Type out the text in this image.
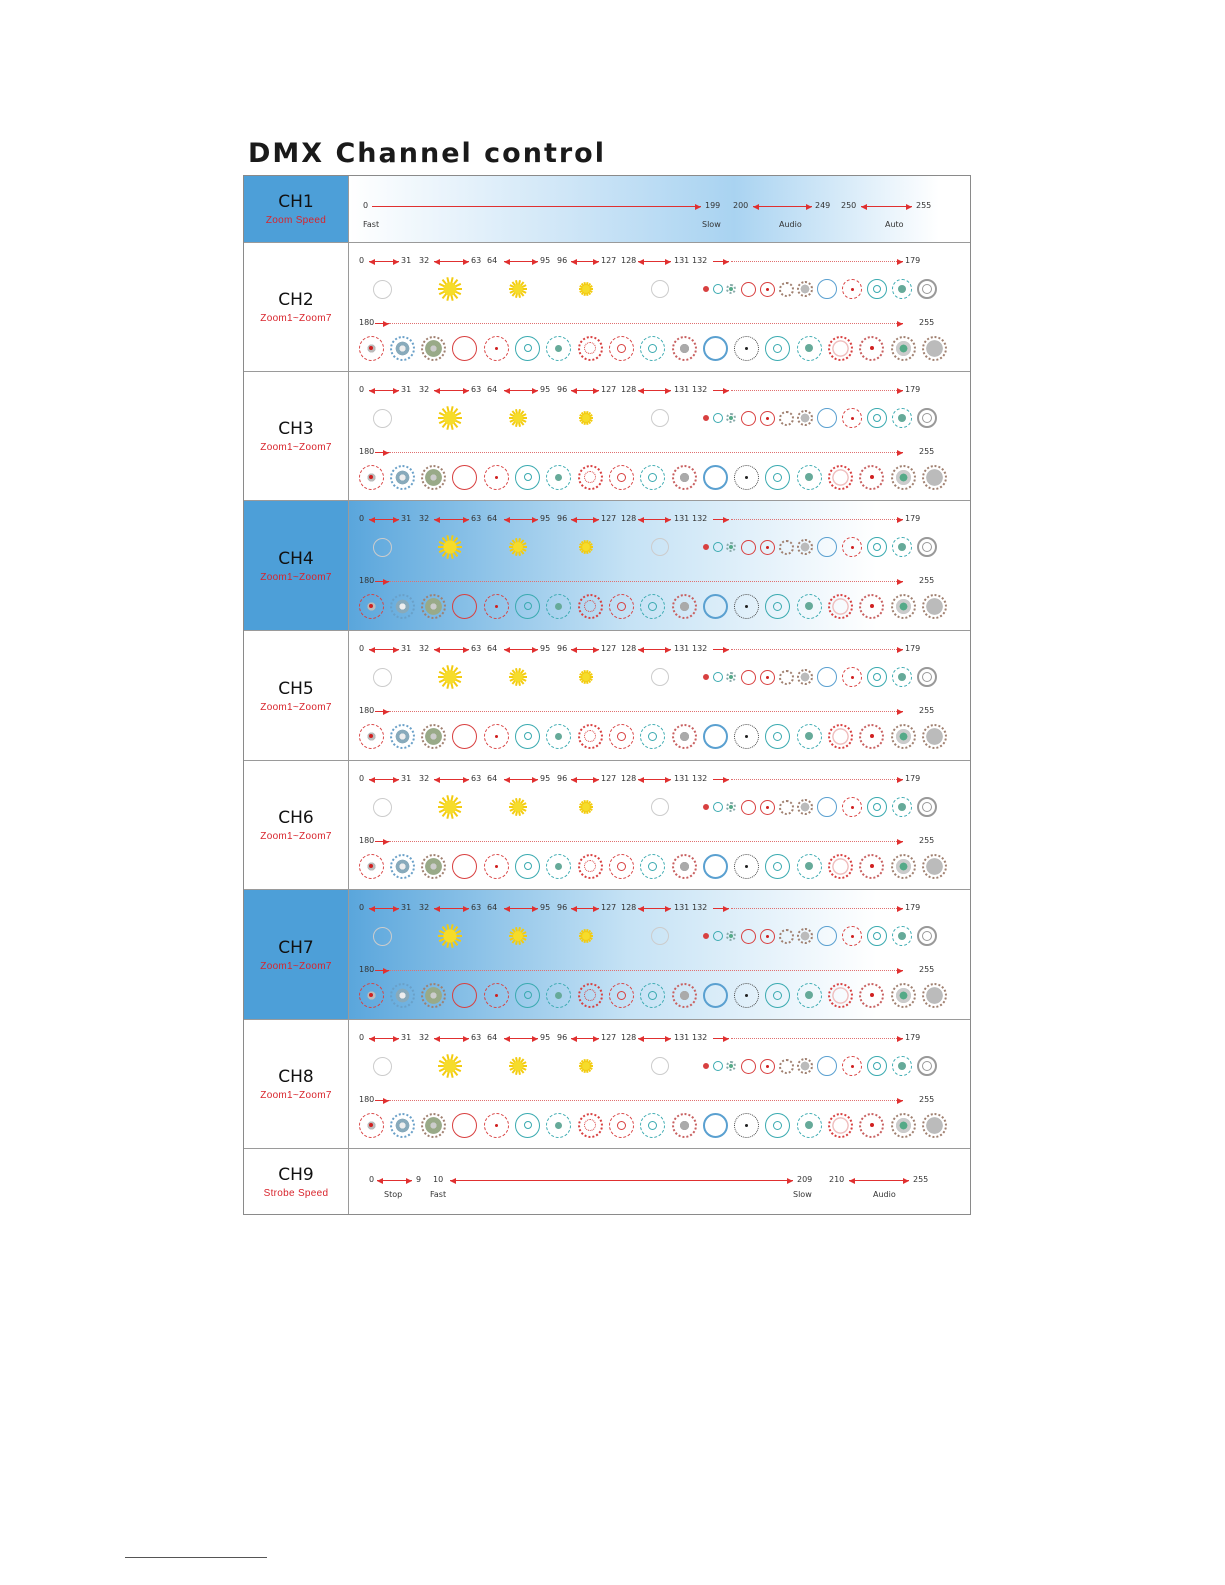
DMX Channel control
CH1
Zoom Speed
0	199 200	249 250	255
Fast	Slow	Audio	Auto
CH2
Zoom1~Zoom7
0	31 32	63 64	95 96	127 128	131 132	179
180	255
CH3
Zoom1~Zoom7
0	31 32	63 64	95 96	127 128	131 132	179
180	255
CH4
Zoom1~Zoom7
0	31 32	63 64	95 96	127 128	131 132	179
180	255
CH5
Zoom1~Zoom7
0	31 32	63 64	95 96	127 128	131 132	179
180	255
CH6
Zoom1~Zoom7
0	31 32	63 64	95 96	127 128	131 132	179
180	255
CH7
Zoom1~Zoom7
0	31 32	63 64	95 96	127 128	131 132	179
180	255
CH8
Zoom1~Zoom7
0	31 32	63 64	95 96	127 128	131 132	179
180	255
CH9
Strobe Speed
0	9 10	209 210	255
Stop	Fast	Slow	Audio
